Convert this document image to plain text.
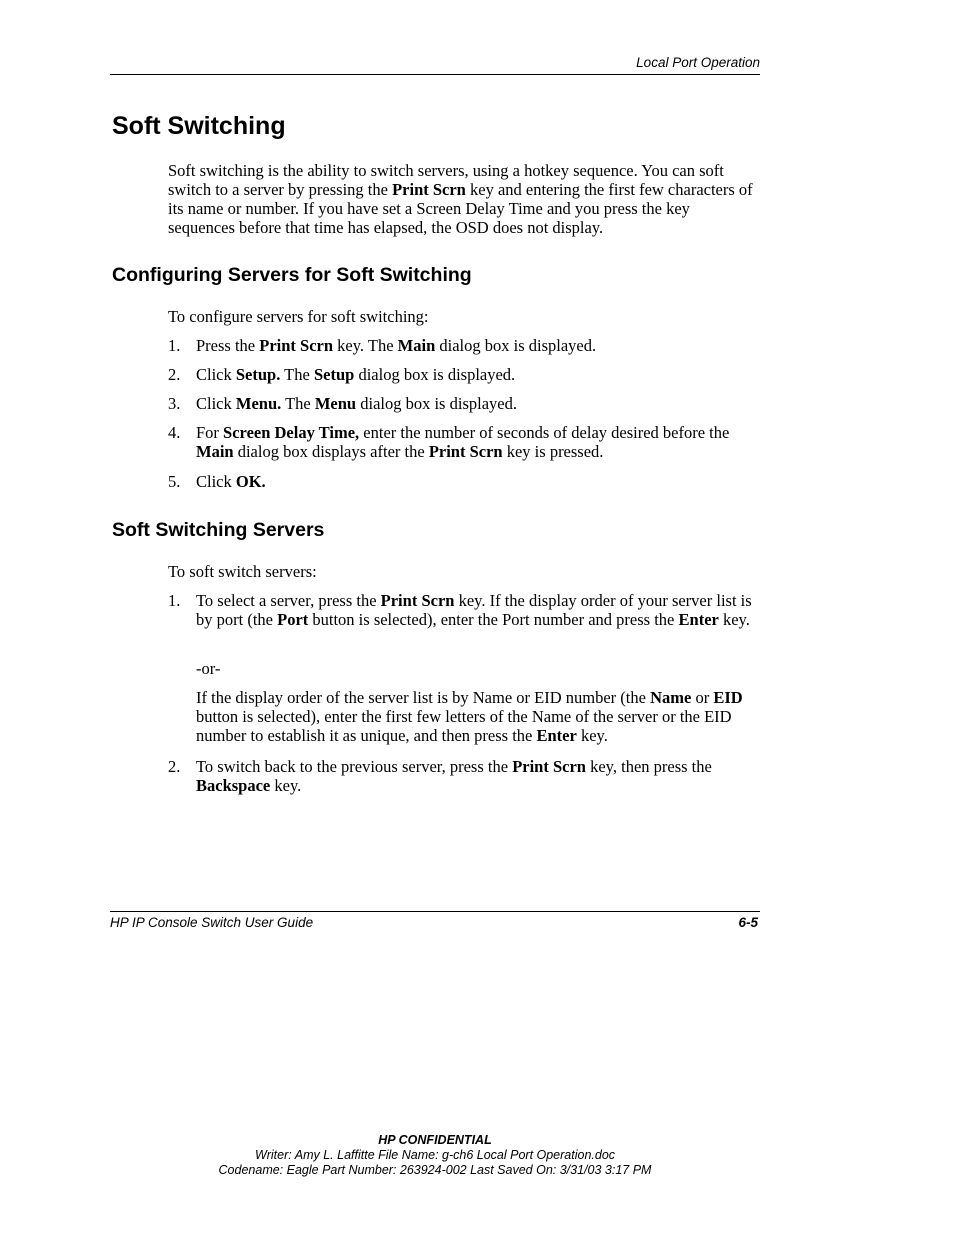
Local Port Operation
Soft Switching

Soft switching is the ability to switch servers, using a hotkey sequence. You can soft switch to a server by pressing the Print Scrn key and entering the first few characters of its name or number. If you have set a Screen Delay Time and you press the key sequences before that time has elapsed, the OSD does not display.

Configuring Servers for Soft Switching

To configure servers for soft switching:

1. Press the Print Scrn key. The Main dialog box is displayed.
2. Click Setup. The Setup dialog box is displayed.
3. Click Menu. The Menu dialog box is displayed.
4. For Screen Delay Time, enter the number of seconds of delay desired before the Main dialog box displays after the Print Scrn key is pressed.
5. Click OK.
Soft Switching Servers

To soft switch servers:

1. To select a server, press the Print Scrn key. If the display order of your server list is by port (the Port button is selected), enter the Port number and press the Enter key.
-or-
If the display order of the server list is by Name or EID number (the Name or EID button is selected), enter the first few letters of the Name of the server or the EID number to establish it as unique, and then press the Enter key.
2. To switch back to the previous server, press the Print Scrn key, then press the Backspace key.
HP IP Console Switch User Guide	6-5
HP CONFIDENTIAL
Writer: Amy L. Laffitte File Name: g-ch6 Local Port Operation.doc
Codename: Eagle Part Number: 263924-002 Last Saved On: 3/31/03 3:17 PM
